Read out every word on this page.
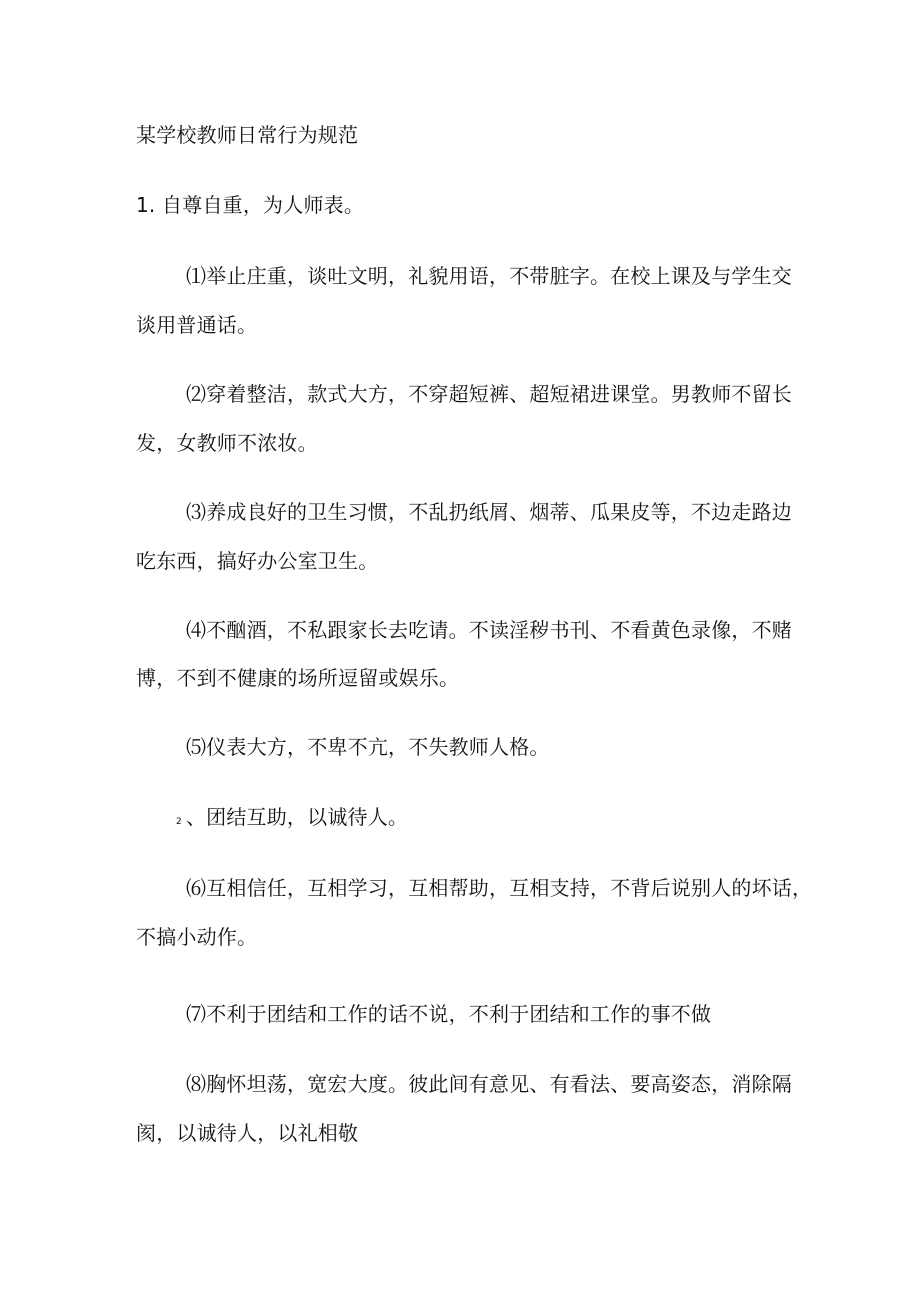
某学校教师日常行为规范
1. 自尊自重，为人师表。
⑴举止庄重，谈吐文明，礼貌用语，不带脏字。在校上课及与学生交
谈用普通话。
⑵穿着整洁，款式大方，不穿超短裤、超短裙进课堂。男教师不留长
发，女教师不浓妆。
⑶养成良好的卫生习惯，不乱扔纸屑、烟蒂、瓜果皮等，不边走路边
吃东西，搞好办公室卫生。
⑷不酗酒，不私跟家长去吃请。不读淫秽书刊、不看黄色录像，不赌
博，不到不健康的场所逗留或娱乐。
⑸仪表大方，不卑不亢，不失教师人格。
2 、团结互助，以诚待人。
⑹互相信任，互相学习，互相帮助，互相支持，不背后说别人的坏话，
不搞小动作。
⑺不利于团结和工作的话不说，不利于团结和工作的事不做
⑻胸怀坦荡，宽宏大度。彼此间有意见、有看法、要高姿态，消除隔
阂，以诚待人，以礼相敬
